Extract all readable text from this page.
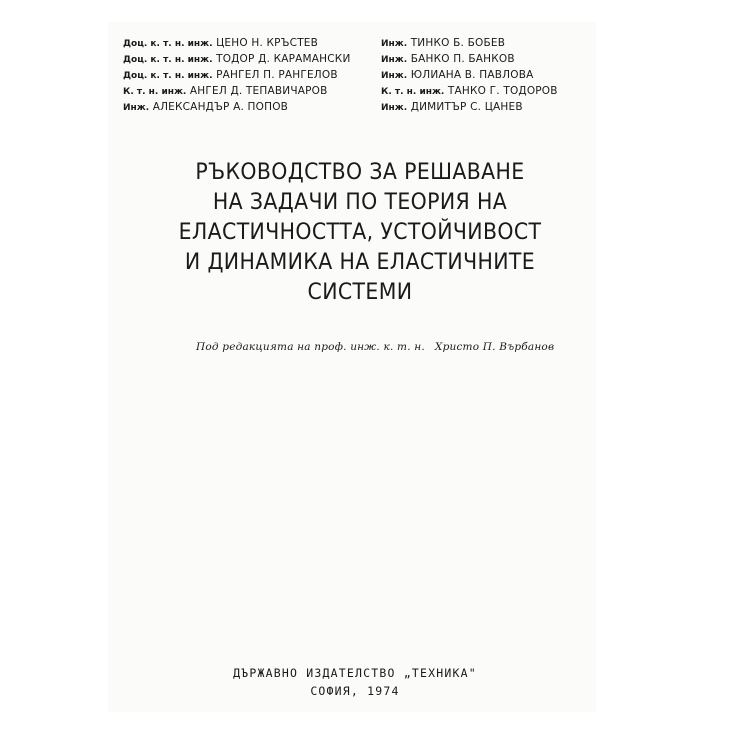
Доц. к. т. н. инж. ЦЕНО Н. КРЪСТЕВ
Доц. к. т. н. инж. ТОДОР Д. КАРАМАНСКИ
Доц. к. т. н. инж. РАНГЕЛ П. РАНГЕЛОВ
К. т. н. инж. АНГЕЛ Д. ТЕПАВИЧАРОВ
Инж. АЛЕКСАНДЪР А. ПОПОВ
Инж. ТИНКО Б. БОБЕВ
Инж. БАНКО П. БАНКОВ
Инж. ЮЛИАНА В. ПАВЛОВА
К. т. н. инж. ТАНКО Г. ТОДОРОВ
Инж. ДИМИТЪР С. ЦАНЕВ
РЪКОВОДСТВО ЗА РЕШАВАНЕ
НА ЗАДАЧИ ПО ТЕОРИЯ НА
ЕЛАСТИЧНОСТТА, УСТОЙЧИВОСТ
И ДИНАМИКА НА ЕЛАСТИЧНИТЕ
СИСТЕМИ
Под редакцията на проф. инж. к. т. н. Христо П. Върбанов
ДЪРЖАВНО ИЗДАТЕЛСТВО „ТЕХНИКА"
СОФИЯ, 1974
